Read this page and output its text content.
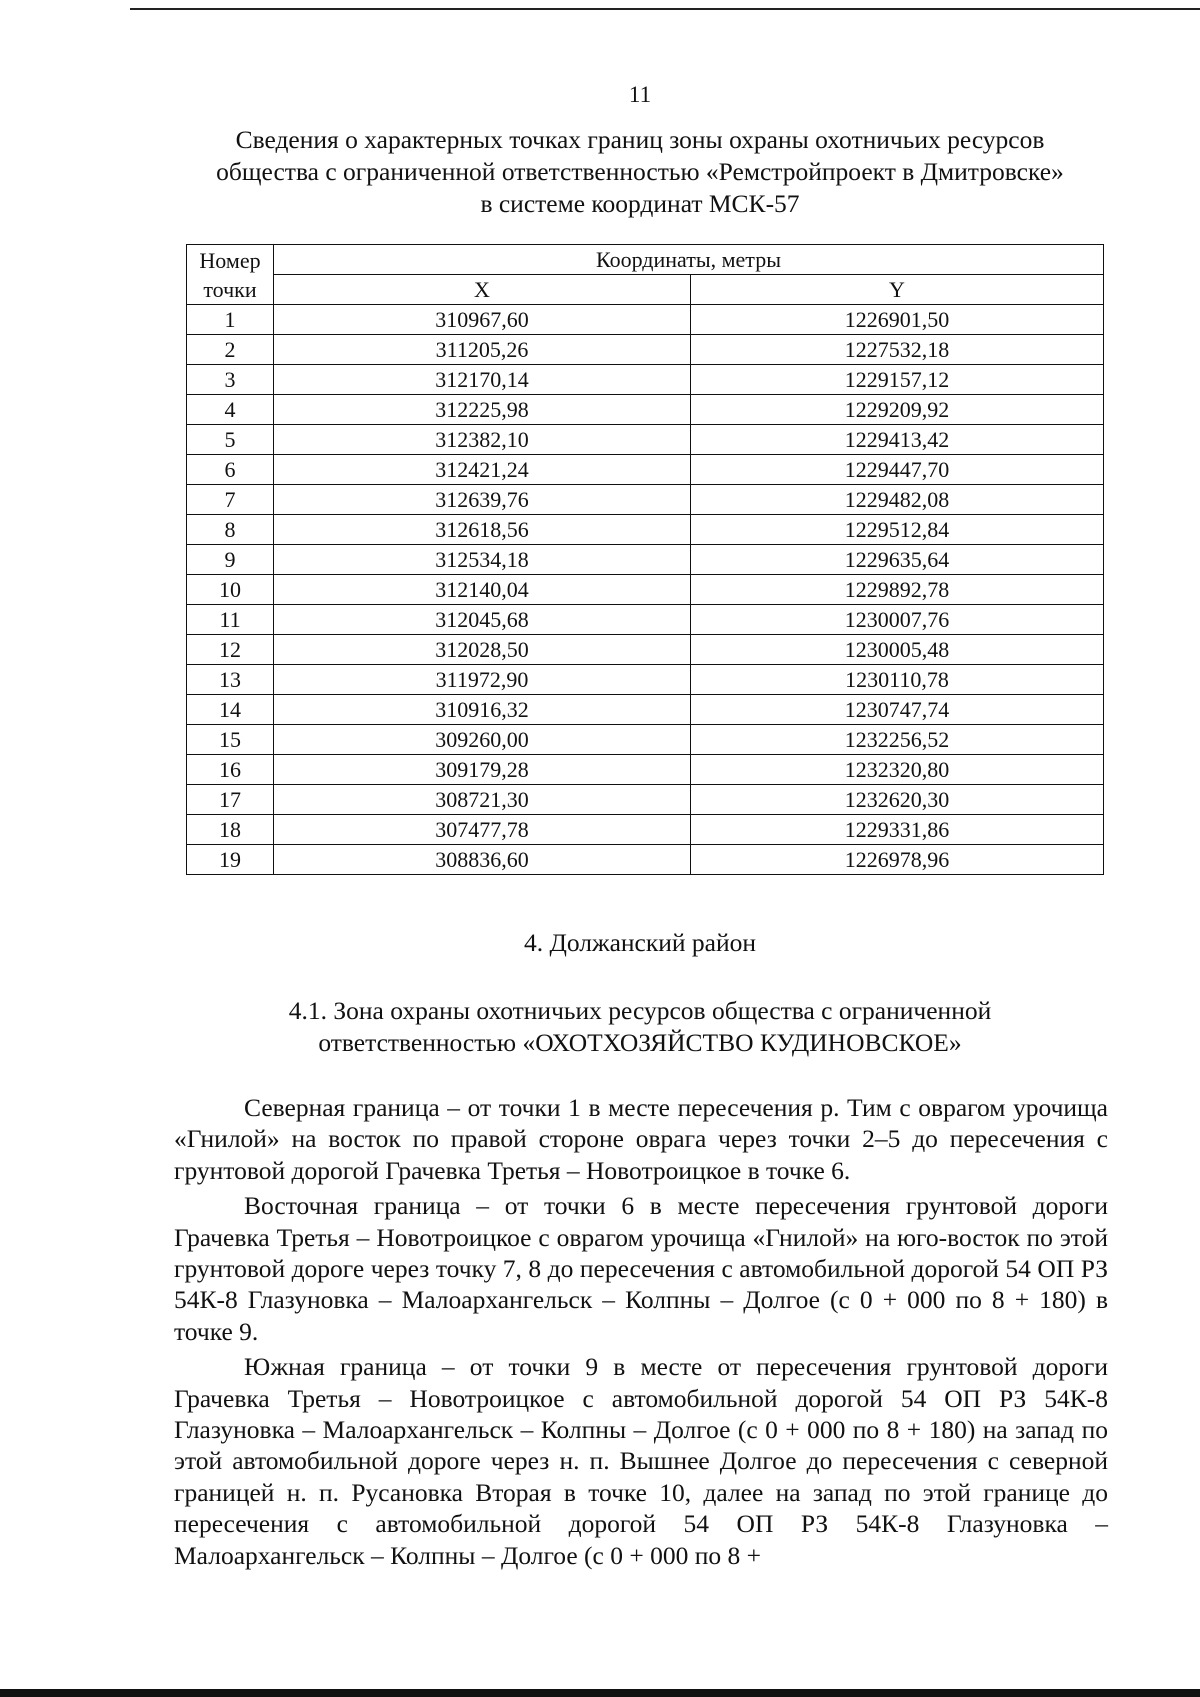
11
Сведения о характерных точках границ зоны охраны охотничьих ресурсов
общества с ограниченной ответственностью «Ремстройпроект в Дмитровске»
в системе координат МСК-57
Номер
точки	Координаты, метры	
	X	Y
1	310967,60	1226901,50
2	311205,26	1227532,18
3	312170,14	1229157,12
4	312225,98	1229209,92
5	312382,10	1229413,42
6	312421,24	1229447,70
7	312639,76	1229482,08
8	312618,56	1229512,84
9	312534,18	1229635,64
10	312140,04	1229892,78
11	312045,68	1230007,76
12	312028,50	1230005,48
13	311972,90	1230110,78
14	310916,32	1230747,74
15	309260,00	1232256,52
16	309179,28	1232320,80
17	308721,30	1232620,30
18	307477,78	1229331,86
19	308836,60	1226978,96
4. Должанский район
4.1. Зона охраны охотничьих ресурсов общества с ограниченной
ответственностью «ОХОТХОЗЯЙСТВО КУДИНОВСКОЕ»

Северная граница – от точки 1 в месте пересечения р. Тим с оврагом урочища «Гнилой» на восток по правой стороне оврага через точки 2–5 до пересечения с грунтовой дорогой Грачевка Третья – Новотроицкое в точке 6.

Восточная граница – от точки 6 в месте пересечения грунтовой дороги Грачевка Третья – Новотроицкое с оврагом урочища «Гнилой» на юго-восток по этой грунтовой дороге через точку 7, 8 до пересечения с автомобильной дорогой 54 ОП РЗ 54К-8 Глазуновка – Малоархангельск – Колпны – Долгое (с 0 + 000 по 8 + 180) в точке 9.

Южная граница – от точки 9 в месте от пересечения грунтовой дороги Грачевка Третья – Новотроицкое с автомобильной дорогой 54 ОП РЗ 54К-8 Глазуновка – Малоархангельск – Колпны – Долгое (с 0 + 000 по 8 + 180) на запад по этой автомобильной дороге через н. п. Вышнее Долгое до пересечения с северной границей н. п. Русановка Вторая в точке 10, далее на запад по этой границе до пересечения с автомобильной дорогой 54 ОП РЗ 54К-8 Глазуновка – Малоархангельск – Колпны – Долгое (с 0 + 000 по 8 +
